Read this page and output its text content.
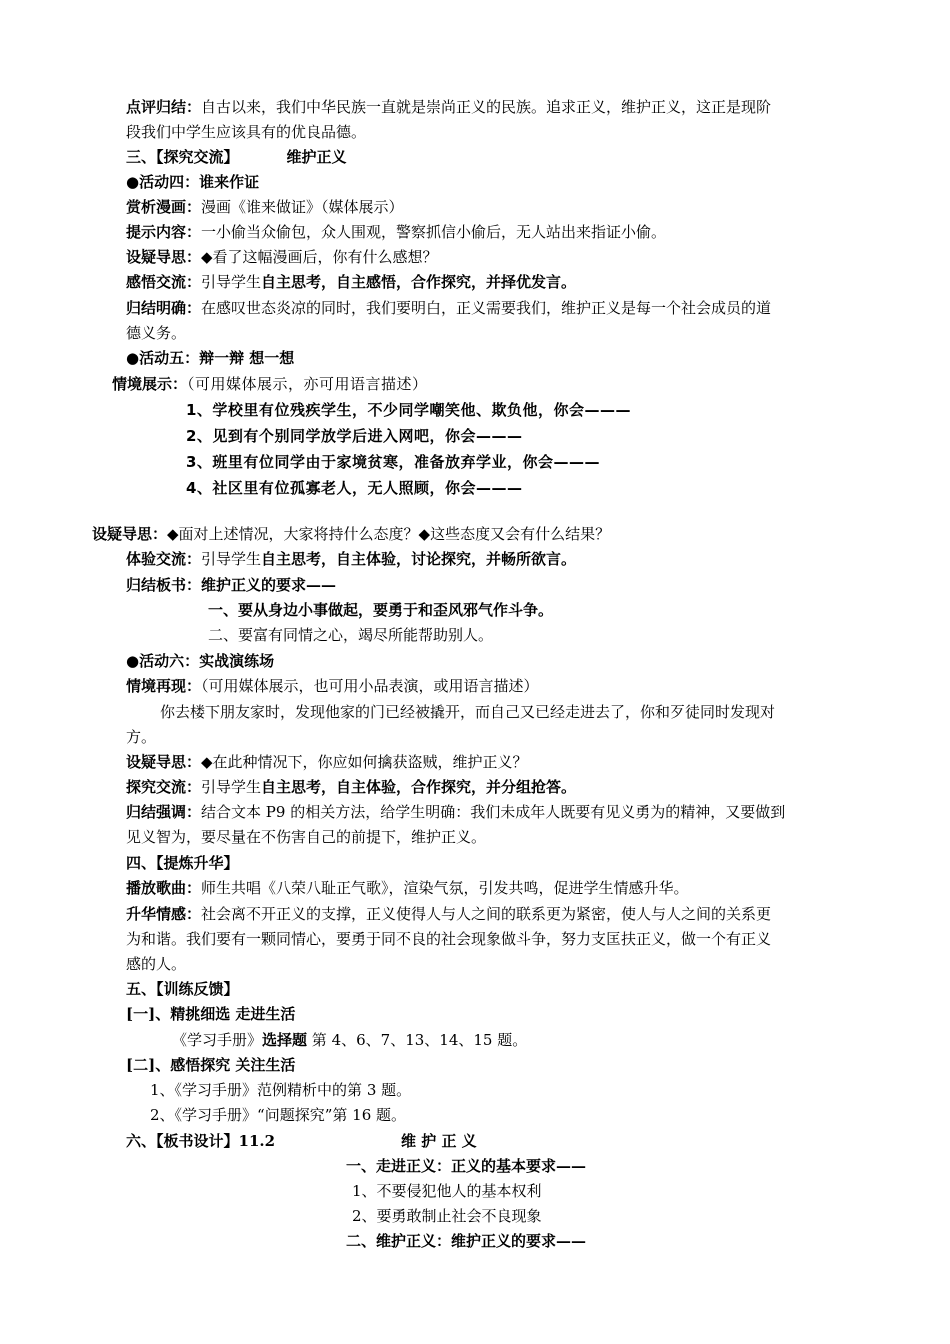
点评归结：自古以来，我们中华民族一直就是崇尚正义的民族。追求正义，维护正义，这正是现阶
段我们中学生应该具有的优良品德。
三、【探究交流】	维护正义
●活动四：谁来作证
赏析漫画：漫画《谁来做证》（媒体展示）
提示内容：一小偷当众偷包，众人围观，警察抓信小偷后，无人站出来指证小偷。
设疑导思：◆看了这幅漫画后，你有什么感想？
感悟交流：引导学生自主思考，自主感悟，合作探究，并择优发言。
归结明确：在感叹世态炎凉的同时，我们要明白，正义需要我们，维护正义是每一个社会成员的道
德义务。
●活动五：辩一辩 想一想
情境展示：（可用媒体展示，亦可用语言描述）
1、学校里有位残疾学生，不少同学嘲笑他、欺负他，你会———
2、见到有个别同学放学后进入网吧，你会———
3、班里有位同学由于家境贫寒，准备放弃学业，你会———
4、社区里有位孤寡老人，无人照顾，你会———
设疑导思：◆面对上述情况，大家将持什么态度？◆这些态度又会有什么结果？
体验交流：引导学生自主思考，自主体验，讨论探究，并畅所欲言。
归结板书：维护正义的要求——
一、要从身边小事做起，要勇于和歪风邪气作斗争。
二、要富有同情之心，竭尽所能帮助别人。
●活动六：实战演练场
情境再现：（可用媒体展示，也可用小品表演，或用语言描述）
你去楼下朋友家时，发现他家的门已经被撬开，而自己又已经走进去了，你和歹徒同时发现对
方。
设疑导思：◆在此种情况下，你应如何擒获盗贼，维护正义？
探究交流：引导学生自主思考，自主体验，合作探究，并分组抢答。
归结强调：结合文本 P9 的相关方法，给学生明确：我们未成年人既要有见义勇为的精神，又要做到
见义智为，要尽量在不伤害自己的前提下，维护正义。
四、【提炼升华】
播放歌曲：师生共唱《八荣八耻正气歌》，渲染气氛，引发共鸣，促进学生情感升华。
升华情感：社会离不开正义的支撑，正义使得人与人之间的联系更为紧密，使人与人之间的关系更
为和谐。我们要有一颗同情心，要勇于同不良的社会现象做斗争，努力支匡扶正义，做一个有正义
感的人。
五、【训练反馈】
[一]、精挑细选 走进生活
《学习手册》选择题 第 4、6、7、13、14、15 题。
[二]、感悟探究 关注生活
1、《学习手册》范例精析中的第 3 题。
2、《学习手册》“问题探究”第 16 题。
六、【板书设计】11.2	维 护 正 义
一、走进正义：正义的基本要求——
1、不要侵犯他人的基本权利
2、要勇敢制止社会不良现象
二、维护正义：维护正义的要求——
